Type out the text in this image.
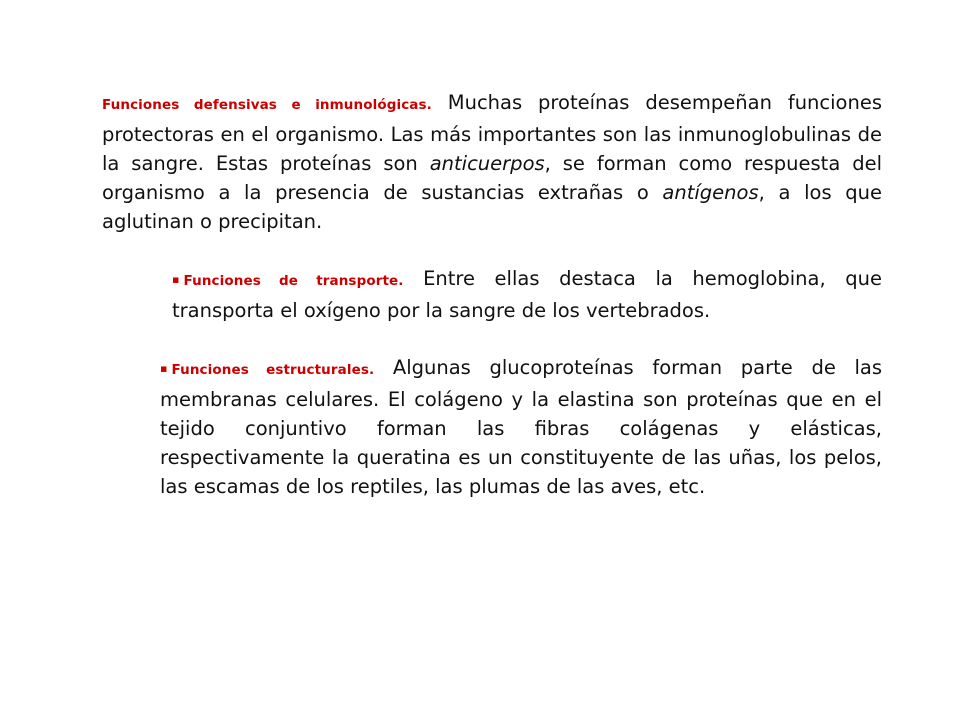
Funciones defensivas e inmunológicas. Muchas proteínas desempeñan funciones protectoras en el organismo. Las más importantes son las inmunoglobulinas de la sangre. Estas proteínas son anticuerpos, se forman como respuesta del organismo a la presencia de sustancias extrañas o antígenos, a los que aglutinan o precipitan.

▪ Funciones de transporte. Entre ellas destaca la hemoglobina, que transporta el oxígeno por la sangre de los vertebrados.

▪ Funciones estructurales. Algunas glucoproteínas forman parte de las membranas celulares. El colágeno y la elastina son proteínas que en el tejido conjuntivo forman las fibras colágenas y elásticas, respectivamente la queratina es un constituyente de las uñas, los pelos, las escamas de los reptiles, las plumas de las aves, etc.
